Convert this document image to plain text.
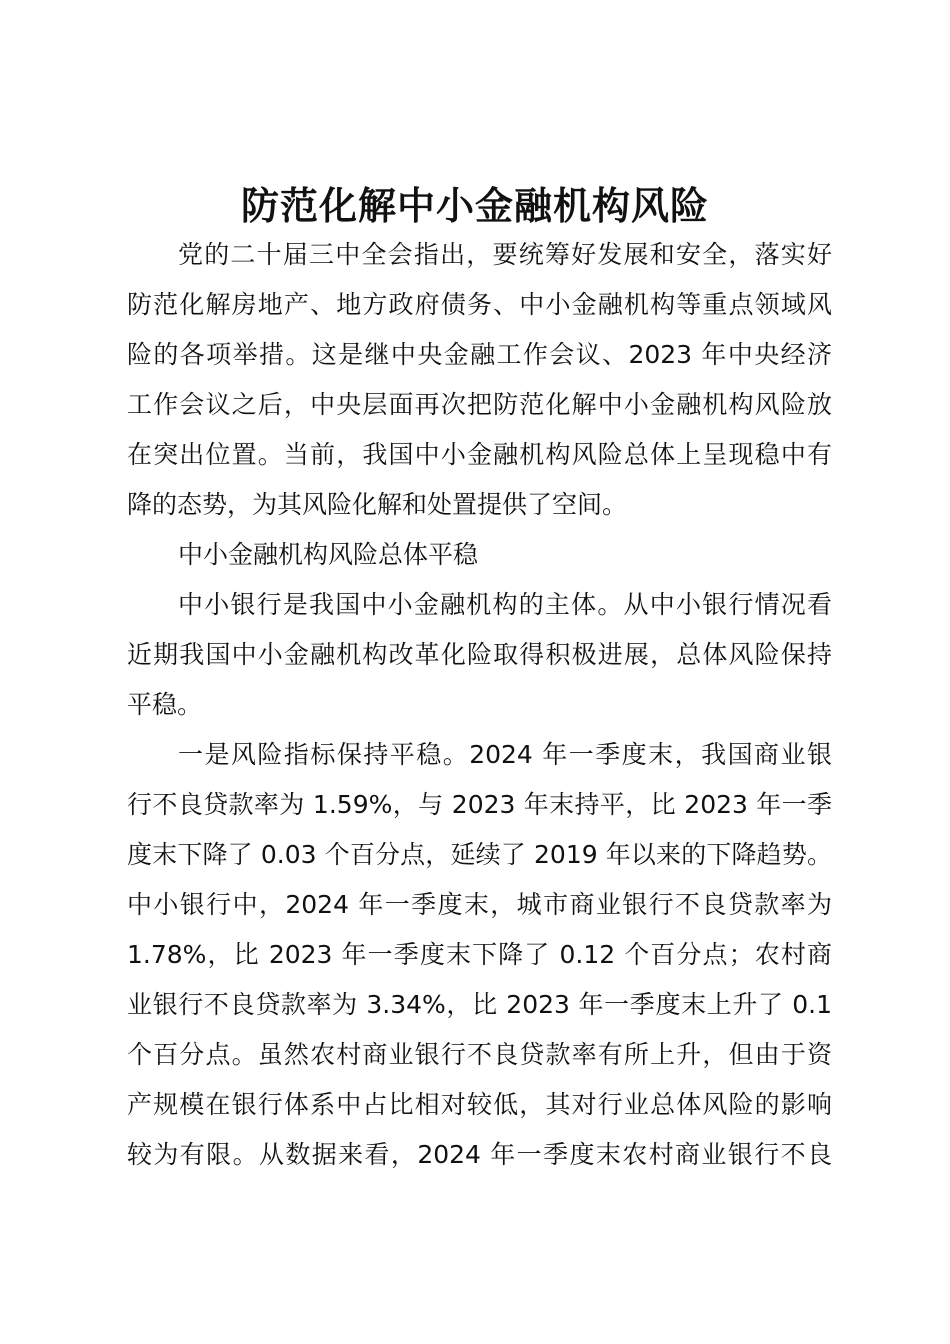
防范化解中小金融机构风险

党的二十届三中全会指出，要统筹好发展和安全，落实好

防范化解房地产、地方政府债务、中小金融机构等重点领域风

险的各项举措。这是继中央金融工作会议、2023 年中央经济

工作会议之后，中央层面再次把防范化解中小金融机构风险放

在突出位置。当前，我国中小金融机构风险总体上呈现稳中有

降的态势，为其风险化解和处置提供了空间。

中小金融机构风险总体平稳

中小银行是我国中小金融机构的主体。从中小银行情况看

近期我国中小金融机构改革化险取得积极进展，总体风险保持

平稳。

一是风险指标保持平稳。2024 年一季度末，我国商业银

行不良贷款率为 1.59%，与 2023 年末持平，比 2023 年一季

度末下降了 0.03 个百分点，延续了 2019 年以来的下降趋势。

中小银行中，2024 年一季度末，城市商业银行不良贷款率为

1.78%，比 2023 年一季度末下降了 0.12 个百分点；农村商

业银行不良贷款率为 3.34%，比 2023 年一季度末上升了 0.1

个百分点。虽然农村商业银行不良贷款率有所上升，但由于资

产规模在银行体系中占比相对较低，其对行业总体风险的影响

较为有限。从数据来看，2024 年一季度末农村商业银行不良
